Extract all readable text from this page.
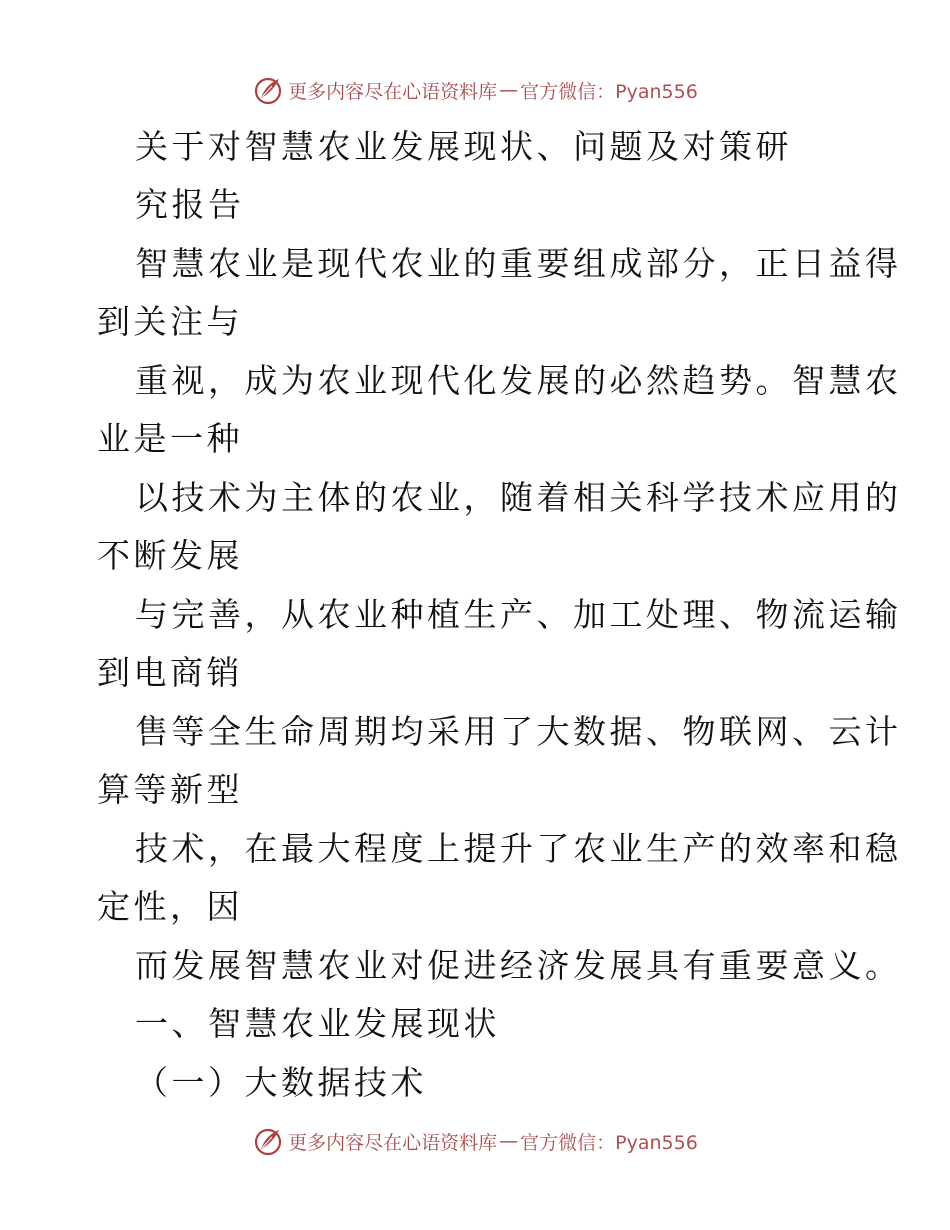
更多内容尽在心语资料库 — 官方微信：Pyan556
关于对智慧农业发展现状、问题及对策研
究报告
智慧农业是现代农业的重要组成部分，正日益得
到关注与
重视，成为农业现代化发展的必然趋势。智慧农
业是一种
以技术为主体的农业，随着相关科学技术应用的
不断发展
与完善，从农业种植生产、加工处理、物流运输
到电商销
售等全生命周期均采用了大数据、物联网、云计
算等新型
技术，在最大程度上提升了农业生产的效率和稳
定性，因
而发展智慧农业对促进经济发展具有重要意义。
一、智慧农业发展现状
（一）大数据技术
更多内容尽在心语资料库 — 官方微信：Pyan556
